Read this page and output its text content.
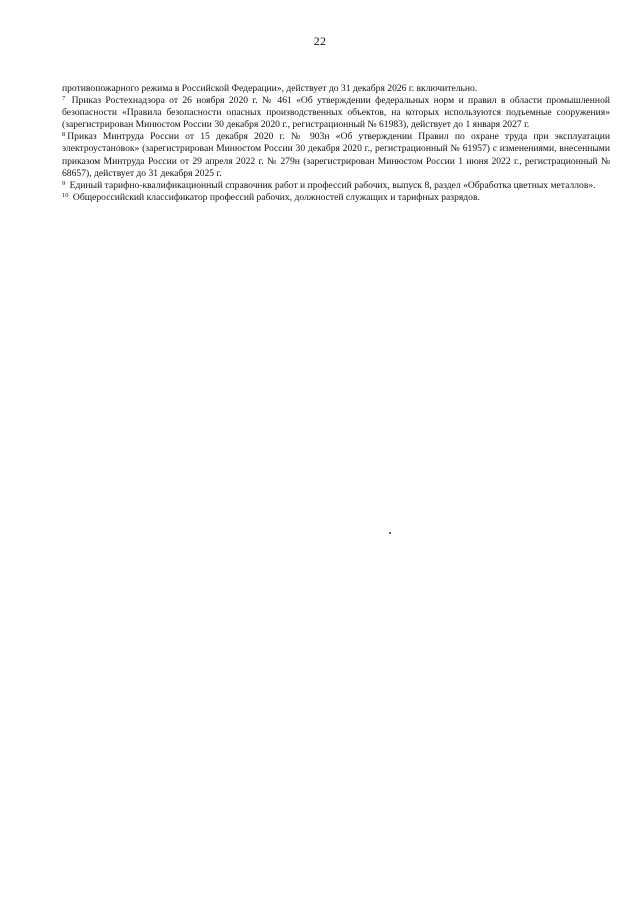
22

противопожарного режима в Российской Федерации», действует до 31 декабря 2026 г. включительно.

$^7$ Приказ Ростехнадзора от 26 ноября 2020 г. № 461 «Об утверждении федеральных норм и правил в области промышленной безопасности «Правила безопасности опасных производственных объектов, на которых используются подъемные сооружения» (зарегистрирован Минюстом России 30 декабря 2020 г., регистрационный № 61983), действует до 1 января 2027 г.

$^8$ Приказ Минтруда России от 15 декабря 2020 г. № 903н «Об утверждении Правил по охране труда при эксплуатации электроустановок» (зарегистрирован Минюстом России 30 декабря 2020 г., регистрационный № 61957) с изменениями, внесенными приказом Минтруда России от 29 апреля 2022 г. № 279н (зарегистрирован Минюстом России 1 июня 2022 г., регистрационный № 68657), действует до 31 декабря 2025 г.

$^9$ Единый тарифно-квалификационный справочник работ и профессий рабочих, выпуск 8, раздел «Обработка цветных металлов».

$^{10}$ Общероссийский классификатор профессий рабочих, должностей служащих и тарифных разрядов.
